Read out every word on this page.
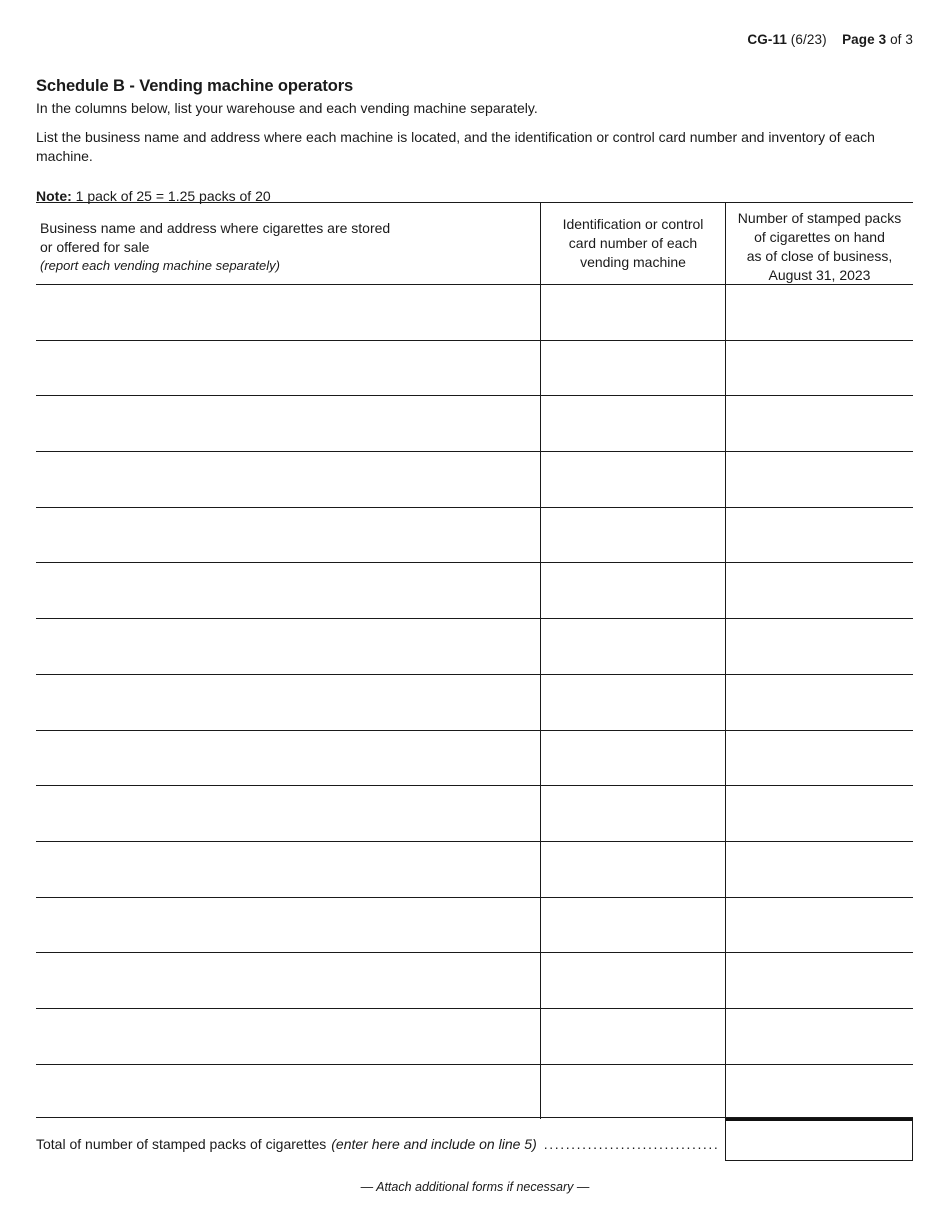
CG-11 (6/23) Page 3 of 3

Schedule B - Vending machine operators

In the columns below, list your warehouse and each vending machine separately.

List the business name and address where each machine is located, and the identification or control card number and inventory of each machine.

Note: 1 pack of 25 = 1.25 packs of 20

Business name and address where cigarettes are stored
or offered for sale
(report each vending machine separately)
Identification or control
card number of each
vending machine
Number of stamped packs
of cigarettes on hand
as of close of business,
August 31, 2023
Total of number of stamped packs of cigarettes (enter here and include on line 5) ................................
— Attach additional forms if necessary —
